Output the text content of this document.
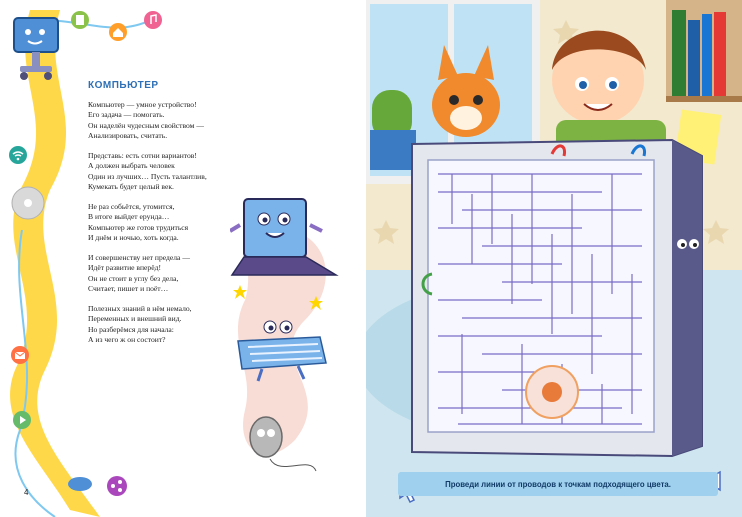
КОМПЬЮТЕР
Компьютер — умное устройство!
Его задача — помогать.
Он наделён чудесным свойством —
Анализировать, считать.
Представь: есть сотни вариантов!
А должен выбрать человек
Один из лучших… Пусть талантлив,
Кумекать будет целый век.
Не раз собьётся, утомится,
В итоге выйдет ерунда…
Компьютер же готов трудиться
И днём и ночью, хоть когда.
И совершенству нет предела —
Идёт развитие вперёд!
Он не стоит в углу без дела,
Считает, пишет и поёт…
Полезных знаний в нём немало,
Переменных и внешний вид.
Но разберёмся для начала:
А из чего ж он состоит?
4
Проведи линии от проводов к точкам подходящего цвета.
